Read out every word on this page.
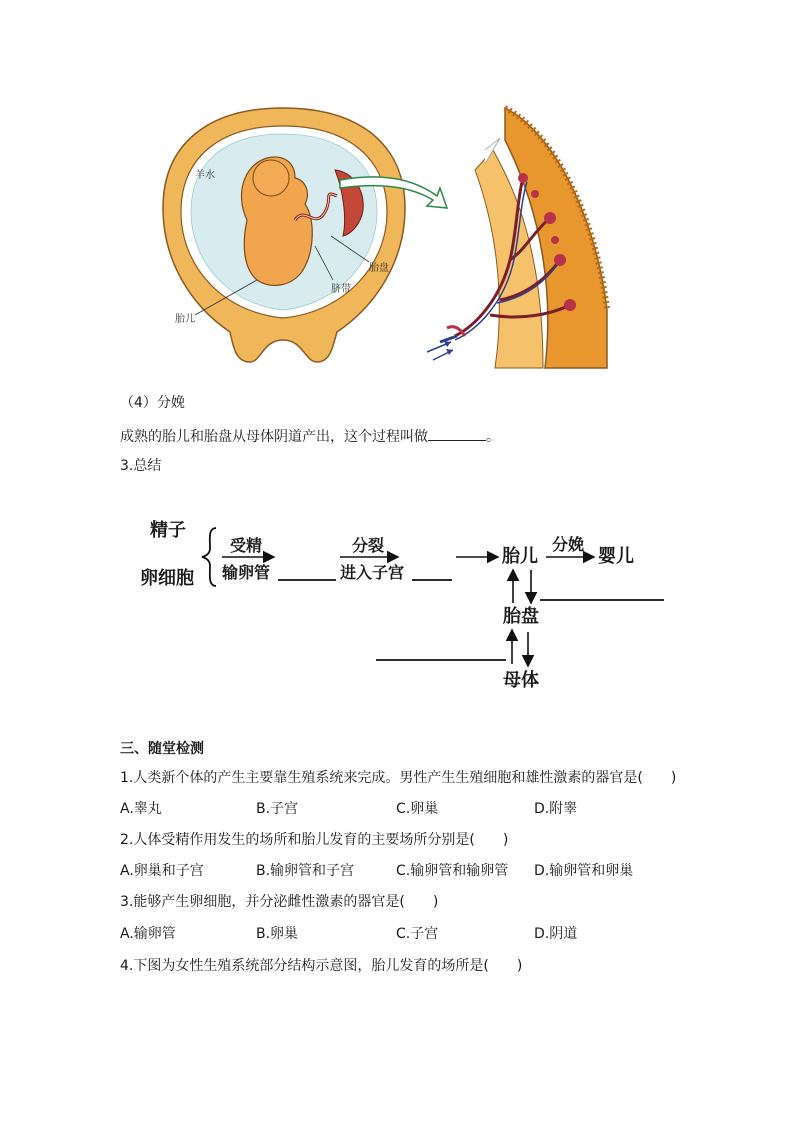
羊水
胎盘
脐带
胎儿
（4）分娩
成熟的胎儿和胎盘从母体阴道产出，这个过程叫做	。
3.总结
精子
卵细胞
受精
输卵管
分裂
进入子宫
胎儿
分娩
婴儿
胎盘
母体
三、随堂检测
1.人类新个体的产生主要靠生殖系统来完成。男性产生生殖细胞和雄性激素的器官是(　　)
A.睾丸	B.子宫	C.卵巢	D.附睾
2.人体受精作用发生的场所和胎儿发育的主要场所分别是(　　)
A.卵巢和子宫	B.输卵管和子宫	C.输卵管和输卵管 D.输卵管和卵巢
3.能够产生卵细胞，并分泌雌性激素的器官是(　　)
A.输卵管	B.卵巢	C.子宫	D.阴道
4.下图为女性生殖系统部分结构示意图，胎儿发育的场所是(　　)
